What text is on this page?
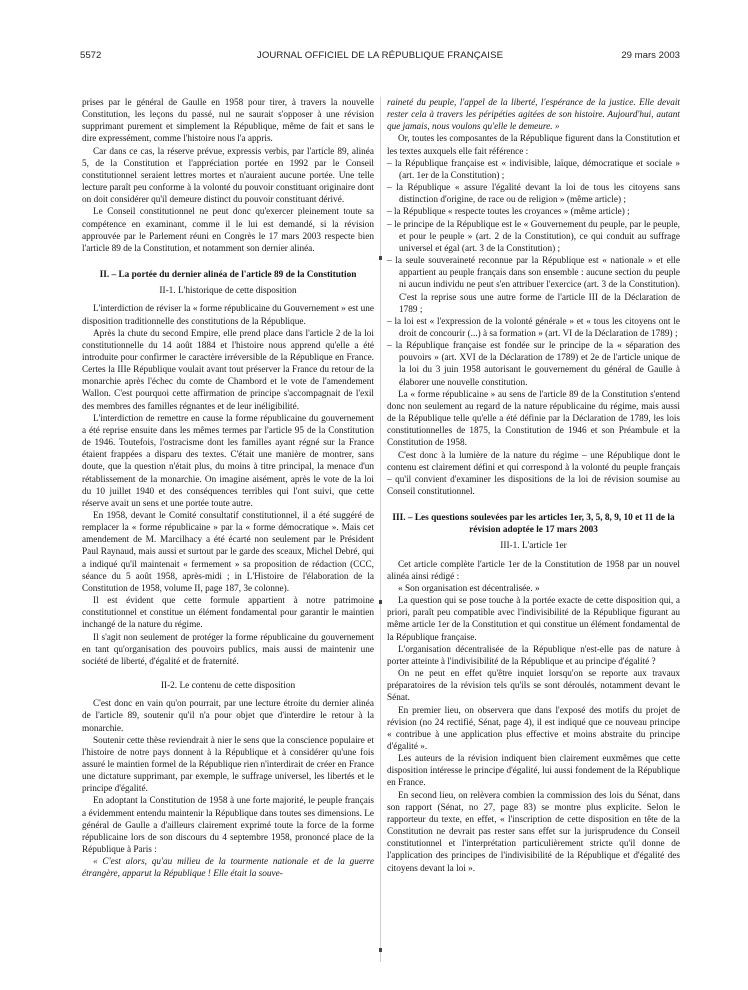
5572	JOURNAL OFFICIEL DE LA RÉPUBLIQUE FRANÇAISE	29 mars 2003

prises par le général de Gaulle en 1958 pour tirer, à travers la nouvelle Constitution, les leçons du passé, nul ne saurait s'opposer à une révision supprimant purement et simplement la République, même de fait et sans le dire expressément, comme l'histoire nous l'a appris.

Car dans ce cas, la réserve prévue, expressis verbis, par l'article 89, alinéa 5, de la Constitution et l'appréciation portée en 1992 par le Conseil constitutionnel seraient lettres mortes et n'auraient aucune portée. Une telle lecture paraît peu conforme à la volonté du pouvoir constituant originaire dont on doit considérer qu'il demeure distinct du pouvoir constituant dérivé.

Le Conseil constitutionnel ne peut donc qu'exercer pleinement toute sa compétence en examinant, comme il le lui est demandé, si la révision approuvée par le Parlement réuni en Congrès le 17 mars 2003 respecte bien l'article 89 de la Constitution, et notamment son dernier alinéa.

II. – La portée du dernier alinéa de l'article 89 de la Constitution
II-1. L'historique de cette disposition

L'interdiction de réviser la « forme républicaine du Gouvernement » est une disposition traditionnelle des constitutions de la République.

Après la chute du second Empire, elle prend place dans l'article 2 de la loi constitutionnelle du 14 août 1884 et l'histoire nous apprend qu'elle a été introduite pour confirmer le caractère irréversible de la République en France. Certes la IIIe République voulait avant tout préserver la France du retour de la monarchie après l'échec du comte de Chambord et le vote de l'amendement Wallon. C'est pourquoi cette affirmation de principe s'accompagnait de l'exil des membres des familles régnantes et de leur inéligibilité.

L'interdiction de remettre en cause la forme républicaine du gouvernement a été reprise ensuite dans les mêmes termes par l'article 95 de la Constitution de 1946. Toutefois, l'ostracisme dont les familles ayant régné sur la France étaient frappées a disparu des textes. C'était une manière de montrer, sans doute, que la question n'était plus, du moins à titre principal, la menace d'un rétablissement de la monarchie. On imagine aisément, après le vote de la loi du 10 juillet 1940 et des conséquences terribles qui l'ont suivi, que cette réserve avait un sens et une portée toute autre.

En 1958, devant le Comité consultatif constitutionnel, il a été suggéré de remplacer la « forme républicaine » par la « forme démocratique ». Mais cet amendement de M. Marcilhacy a été écarté non seulement par le Président Paul Raynaud, mais aussi et surtout par le garde des sceaux, Michel Debré, qui a indiqué qu'il maintenait « fermement » sa proposition de rédaction (CCC, séance du 5 août 1958, après-midi ; in L'Histoire de l'élaboration de la Constitution de 1958, volume II, page 187, 3e colonne).

Il est évident que cette formule appartient à notre patrimoine constitutionnel et constitue un élément fondamental pour garantir le maintien inchangé de la nature du régime.

Il s'agit non seulement de protéger la forme républicaine du gouvernement en tant qu'organisation des pouvoirs publics, mais aussi de maintenir une société de liberté, d'égalité et de fraternité.

II-2. Le contenu de cette disposition

C'est donc en vain qu'on pourrait, par une lecture étroite du dernier alinéa de l'article 89, soutenir qu'il n'a pour objet que d'interdire le retour à la monarchie.

Soutenir cette thèse reviendrait à nier le sens que la conscience populaire et l'histoire de notre pays donnent à la République et à considérer qu'une fois assuré le maintien formel de la République rien n'interdirait de créer en France une dictature supprimant, par exemple, le suffrage universel, les libertés et le principe d'égalité.

En adoptant la Constitution de 1958 à une forte majorité, le peuple français a évidemment entendu maintenir la République dans toutes ses dimensions. Le général de Gaulle a d'ailleurs clairement exprimé toute la force de la forme républicaine lors de son discours du 4 septembre 1958, prononcé place de la République à Paris :

« C'est alors, qu'au milieu de la tourmente nationale et de la guerre étrangère, apparut la République ! Elle était la souve-

raineté du peuple, l'appel de la liberté, l'espérance de la justice. Elle devait rester cela à travers les péripéties agitées de son histoire. Aujourd'hui, autant que jamais, nous voulons qu'elle le demeure. »

Or, toutes les composantes de la République figurent dans la Constitution et les textes auxquels elle fait référence :

– la République française est « indivisible, laïque, démocratique et sociale » (art. 1er de la Constitution) ;
– la République « assure l'égalité devant la loi de tous les citoyens sans distinction d'origine, de race ou de religion » (même article) ;
– la République « respecte toutes les croyances » (même article) ;
– le principe de la République est le « Gouvernement du peuple, par le peuple, et pour le peuple » (art. 2 de la Constitution), ce qui conduit au suffrage universel et égal (art. 3 de la Constitution) ;
– la seule souveraineté reconnue par la République est « nationale » et elle appartient au peuple français dans son ensemble : aucune section du peuple ni aucun individu ne peut s'en attribuer l'exercice (art. 3 de la Constitution). C'est la reprise sous une autre forme de l'article III de la Déclaration de 1789 ;
– la loi est « l'expression de la volonté générale » et « tous les citoyens ont le droit de concourir (...) à sa formation » (art. VI de la Déclaration de 1789) ;
– la République française est fondée sur le principe de la « séparation des pouvoirs » (art. XVI de la Déclaration de 1789) et 2e de l'article unique de la loi du 3 juin 1958 autorisant le gouvernement du général de Gaulle à élaborer une nouvelle constitution.

La « forme républicaine » au sens de l'article 89 de la Constitution s'entend donc non seulement au regard de la nature républicaine du régime, mais aussi de la République telle qu'elle a été définie par la Déclaration de 1789, les lois constitutionnelles de 1875, la Constitution de 1946 et son Préambule et la Constitution de 1958.

C'est donc à la lumière de la nature du régime – une République dont le contenu est clairement défini et qui correspond à la volonté du peuple français – qu'il convient d'examiner les dispositions de la loi de révision soumise au Conseil constitutionnel.

III. – Les questions soulevées par les articles 1er, 3, 5, 8, 9, 10 et 11 de la révision adoptée le 17 mars 2003
III-1. L'article 1er

Cet article complète l'article 1er de la Constitution de 1958 par un nouvel alinéa ainsi rédigé :

« Son organisation est décentralisée. »

La question qui se pose touche à la portée exacte de cette disposition qui, a priori, paraît peu compatible avec l'indivisibilité de la République figurant au même article 1er de la Constitution et qui constitue un élément fondamental de la République française.

L'organisation décentralisée de la République n'est-elle pas de nature à porter atteinte à l'indivisibilité de la République et au principe d'égalité ?

On ne peut en effet qu'être inquiet lorsqu'on se reporte aux travaux préparatoires de la révision tels qu'ils se sont déroulés, notamment devant le Sénat.

En premier lieu, on observera que dans l'exposé des motifs du projet de révision (no 24 rectifié, Sénat, page 4), il est indiqué que ce nouveau principe « contribue à une application plus effective et moins abstraite du principe d'égalité ».

Les auteurs de la révision indiquent bien clairement euxmêmes que cette disposition intéresse le principe d'égalité, lui aussi fondement de la République en France.

En second lieu, on relèvera combien la commission des lois du Sénat, dans son rapport (Sénat, no 27, page 83) se montre plus explicite. Selon le rapporteur du texte, en effet, « l'inscription de cette disposition en tête de la Constitution ne devrait pas rester sans effet sur la jurisprudence du Conseil constitutionnel et l'interprétation particulièrement stricte qu'il donne de l'application des principes de l'indivisibilité de la République et d'égalité des citoyens devant la loi ».
